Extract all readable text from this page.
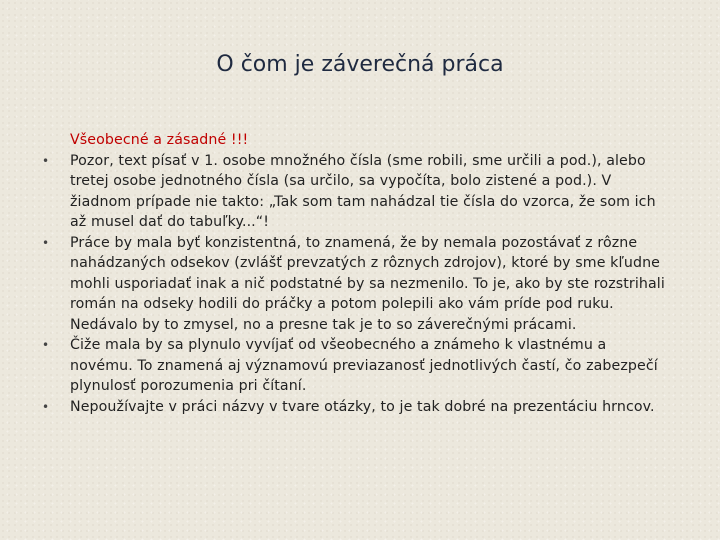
O čom je záverečná práca
Všeobecné a zásadné !!!
• Pozor, text písať v 1. osobe množného čísla (sme robili, sme určili a pod.), alebo tretej osobe jednotného čísla (sa určilo, sa vypočíta, bolo zistené a pod.). V žiadnom prípade nie takto: „Tak som tam nahádzal tie čísla do vzorca, že som ich až musel dať do tabuľky...“!
• Práce by mala byť konzistentná, to znamená, že by nemala pozostávať z rôzne nahádzaných odsekov (zvlášť prevzatých z rôznych zdrojov), ktoré by sme kľudne mohli usporiadať inak a nič podstatné by sa nezmenilo. To je, ako by ste rozstrihali román na odseky hodili do práčky a potom polepili ako vám príde pod ruku. Nedávalo by to zmysel, no a presne tak je to so záverečnými prácami.
• Čiže mala by sa plynulo vyvíjať od všeobecného a známeho k vlastnému a novému. To znamená aj významovú previazanosť jednotlivých častí, čo zabezpečí plynulosť porozumenia pri čítaní.
• Nepoužívajte v práci názvy v tvare otázky, to je tak dobré na prezentáciu hrncov.
